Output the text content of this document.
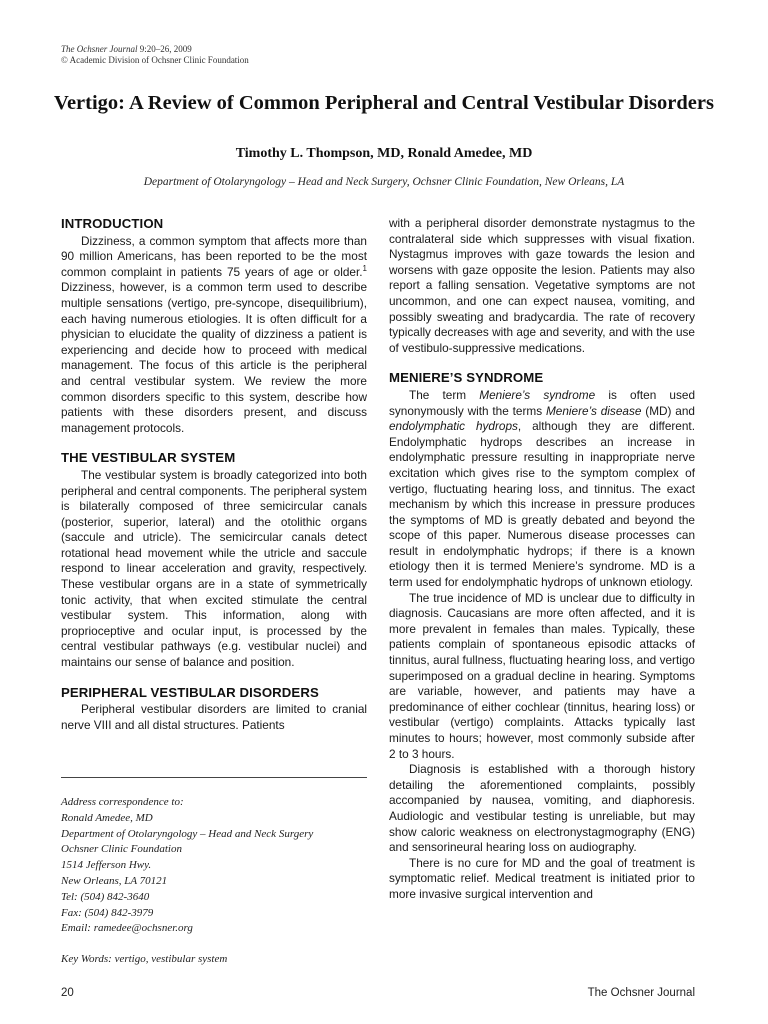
The Ochsner Journal 9:20–26, 2009
© Academic Division of Ochsner Clinic Foundation
Vertigo: A Review of Common Peripheral and Central Vestibular Disorders
Timothy L. Thompson, MD, Ronald Amedee, MD
Department of Otolaryngology – Head and Neck Surgery, Ochsner Clinic Foundation, New Orleans, LA
INTRODUCTION

Dizziness, a common symptom that affects more than 90 million Americans, has been reported to be the most common complaint in patients 75 years of age or older.$^1$ Dizziness, however, is a common term used to describe multiple sensations (vertigo, pre-syncope, disequilibrium), each having numerous etiologies. It is often difficult for a physician to elucidate the quality of dizziness a patient is experiencing and decide how to proceed with medical management. The focus of this article is the peripheral and central vestibular system. We review the more common disorders specific to this system, describe how patients with these disorders present, and discuss management protocols.

THE VESTIBULAR SYSTEM

The vestibular system is broadly categorized into both peripheral and central components. The peripheral system is bilaterally composed of three semicircular canals (posterior, superior, lateral) and the otolithic organs (saccule and utricle). The semicircular canals detect rotational head movement while the utricle and saccule respond to linear acceleration and gravity, respectively. These vestibular organs are in a state of symmetrically tonic activity, that when excited stimulate the central vestibular system. This information, along with proprioceptive and ocular input, is processed by the central vestibular pathways (e.g. vestibular nuclei) and maintains our sense of balance and position.

PERIPHERAL VESTIBULAR DISORDERS

Peripheral vestibular disorders are limited to cranial nerve VIII and all distal structures. Patients

Address correspondence to:
Ronald Amedee, MD
Department of Otolaryngology – Head and Neck Surgery
Ochsner Clinic Foundation
1514 Jefferson Hwy.
New Orleans, LA 70121
Tel: (504) 842-3640
Fax: (504) 842-3979
Email: ramedee@ochsner.org
Key Words: vertigo, vestibular system

with a peripheral disorder demonstrate nystagmus to the contralateral side which suppresses with visual fixation. Nystagmus improves with gaze towards the lesion and worsens with gaze opposite the lesion. Patients may also report a falling sensation. Vegetative symptoms are not uncommon, and one can expect nausea, vomiting, and possibly sweating and bradycardia. The rate of recovery typically decreases with age and severity, and with the use of vestibulo-suppressive medications.

MENIERE’S SYNDROME

The term Meniere’s syndrome is often used synonymously with the terms Meniere’s disease (MD) and endolymphatic hydrops, although they are different. Endolymphatic hydrops describes an increase in endolymphatic pressure resulting in inappropriate nerve excitation which gives rise to the symptom complex of vertigo, fluctuating hearing loss, and tinnitus. The exact mechanism by which this increase in pressure produces the symptoms of MD is greatly debated and beyond the scope of this paper. Numerous disease processes can result in endolymphatic hydrops; if there is a known etiology then it is termed Meniere’s syndrome. MD is a term used for endolymphatic hydrops of unknown etiology.

The true incidence of MD is unclear due to difficulty in diagnosis. Caucasians are more often affected, and it is more prevalent in females than males. Typically, these patients complain of spontaneous episodic attacks of tinnitus, aural fullness, fluctuating hearing loss, and vertigo superimposed on a gradual decline in hearing. Symptoms are variable, however, and patients may have a predominance of either cochlear (tinnitus, hearing loss) or vestibular (vertigo) complaints. Attacks typically last minutes to hours; however, most commonly subside after 2 to 3 hours.

Diagnosis is established with a thorough history detailing the aforementioned complaints, possibly accompanied by nausea, vomiting, and diaphoresis. Audiologic and vestibular testing is unreliable, but may show caloric weakness on electronystagmography (ENG) and sensorineural hearing loss on audiography.

There is no cure for MD and the goal of treatment is symptomatic relief. Medical treatment is initiated prior to more invasive surgical intervention and

20	The Ochsner Journal
